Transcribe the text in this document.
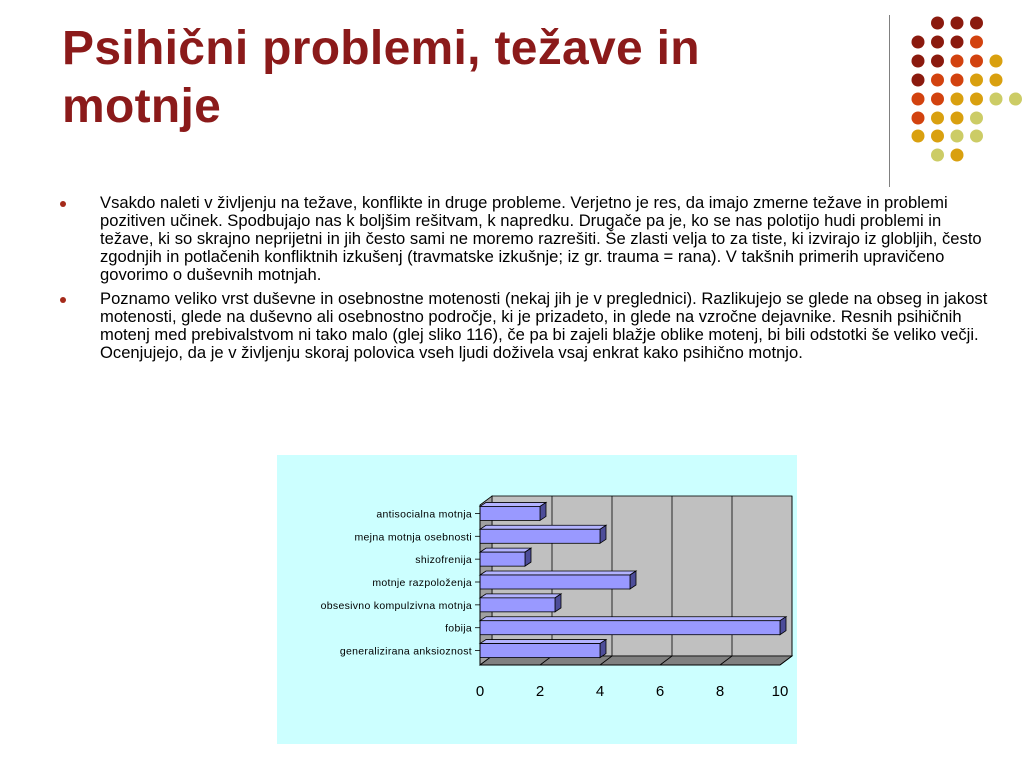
Psihični problemi, težave in motnje
Vsakdo naleti v življenju na težave, konflikte in druge probleme. Verjetno je res, da imajo zmerne težave in problemi pozitiven učinek. Spodbujajo nas k boljšim rešitvam, k napredku. Drugače pa je, ko se nas polotijo hudi problemi in težave, ki so skrajno neprijetni in jih često sami ne moremo razrešiti. Še zlasti velja to za tiste, ki izvirajo iz globljih, često zgodnjih in potlačenih konfliktnih izkušenj (travmatske izkušnje; iz gr. trauma = rana). V takšnih primerih upravičeno govorimo o duševnih motnjah.
Poznamo veliko vrst duševne in osebnostne motenosti (nekaj jih je v preglednici). Razlikujejo se glede na obseg in jakost motenosti, glede na duševno ali osebnostno področje, ki je prizadeto, in glede na vzročne dejavnike. Resnih psihičnih motenj med prebivalstvom ni tako malo (glej sliko 116), če pa bi zajeli blažje oblike motenj, bi bili odstotki še veliko večji. Ocenjujejo, da je v življenju skoraj polovica vseh ljudi doživela vsaj enkrat kako psihično motnjo.
antisocialna motnja
mejna motnja osebnosti
shizofrenija
motnje razpoloženja
obsesivno kompulzivna motnja
fobija
generalizirana anksioznost
0	2	4	6	8	10
